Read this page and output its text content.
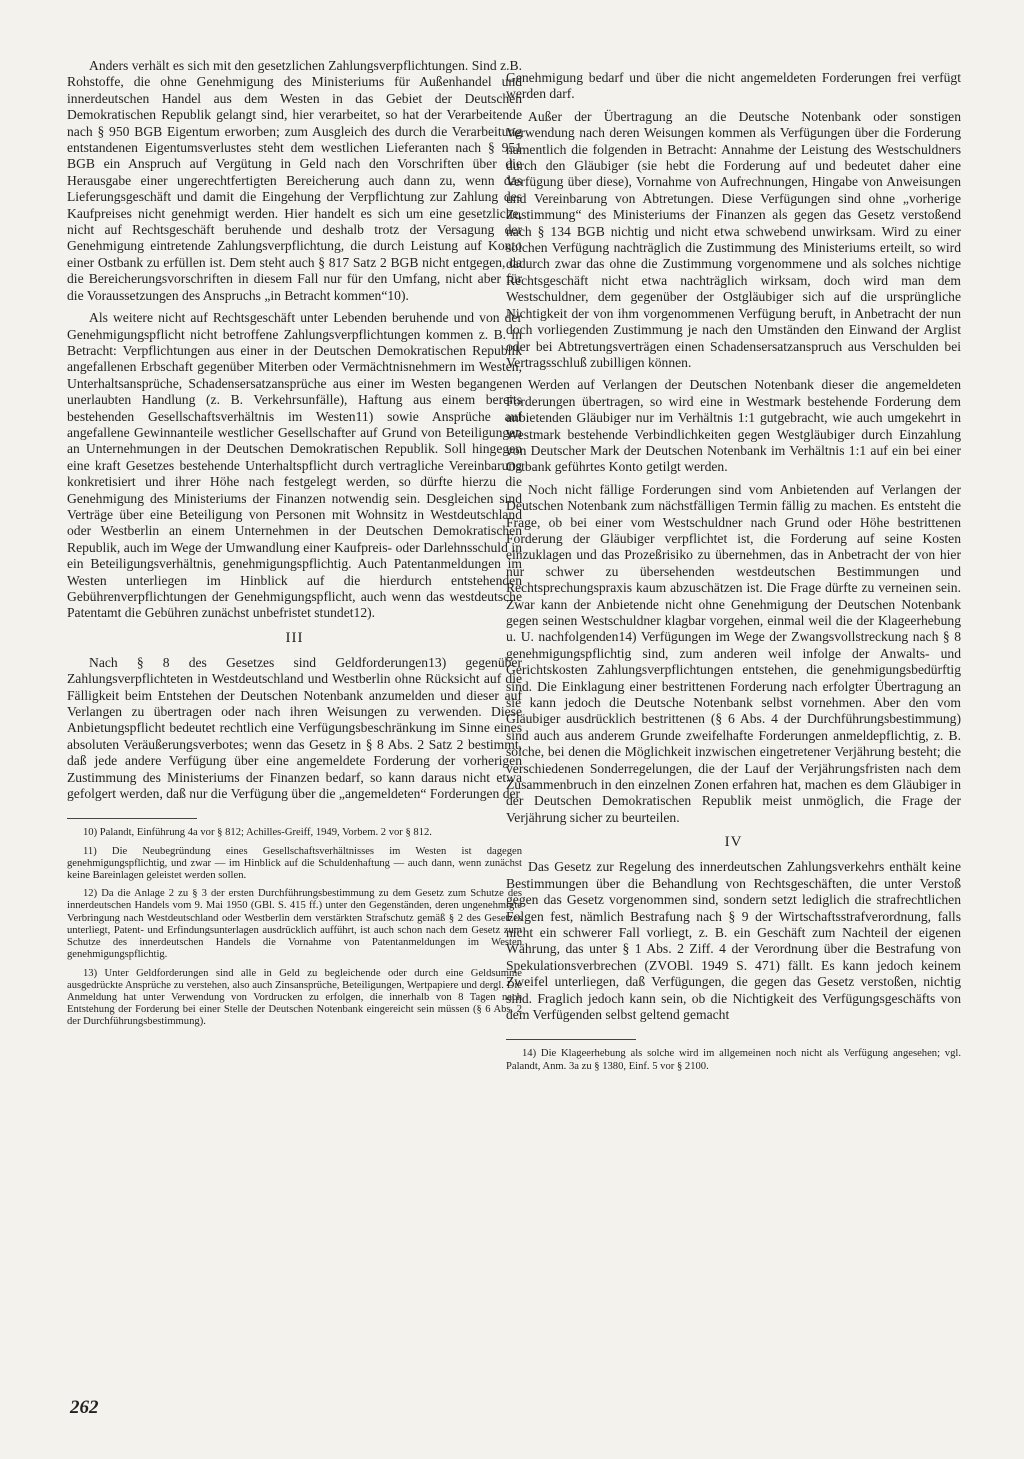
Anders verhält es sich mit den gesetzlichen Zahlungsverpflichtungen. Sind z.B. Rohstoffe, die ohne Genehmigung des Ministeriums für Außenhandel und innerdeutschen Handel aus dem Westen in das Gebiet der Deutschen Demokratischen Republik gelangt sind, hier verarbeitet, so hat der Verarbeitende nach § 950 BGB Eigentum erworben; zum Ausgleich des durch die Verarbeitung entstandenen Eigentumsverlustes steht dem westlichen Lieferanten nach § 951 BGB ein Anspruch auf Vergütung in Geld nach den Vorschriften über die Herausgabe einer ungerechtfertigten Bereicherung auch dann zu, wenn das Lieferungsgeschäft und damit die Eingehung der Verpflichtung zur Zahlung des Kaufpreises nicht genehmigt werden. Hier handelt es sich um eine gesetzliche, nicht auf Rechtsgeschäft beruhende und deshalb trotz der Versagung der Genehmigung eintretende Zahlungsverpflichtung, die durch Leistung auf Konto einer Ostbank zu erfüllen ist. Dem steht auch § 817 Satz 2 BGB nicht entgegen, da die Bereicherungsvorschriften in diesem Fall nur für den Umfang, nicht aber für die Voraussetzungen des Anspruchs „in Betracht kommen“10).

Als weitere nicht auf Rechtsgeschäft unter Lebenden beruhende und von der Genehmigungspflicht nicht betroffene Zahlungsverpflichtungen kommen z. B. in Betracht: Verpflichtungen aus einer in der Deutschen Demokratischen Republik angefallenen Erbschaft gegenüber Miterben oder Vermächtnisnehmern im Westen, Unterhaltsansprüche, Schadensersatzansprüche aus einer im Westen begangenen unerlaubten Handlung (z. B. Verkehrsunfälle), Haftung aus einem bereits bestehenden Gesellschaftsverhältnis im Westen11) sowie Ansprüche auf angefallene Gewinnanteile westlicher Gesellschafter auf Grund von Beteiligungen an Unternehmungen in der Deutschen Demokratischen Republik. Soll hingegen eine kraft Gesetzes bestehende Unterhaltspflicht durch vertragliche Vereinbarung konkretisiert und ihrer Höhe nach festgelegt werden, so dürfte hierzu die Genehmigung des Ministeriums der Finanzen notwendig sein. Desgleichen sind Verträge über eine Beteiligung von Personen mit Wohnsitz in Westdeutschland oder Westberlin an einem Unternehmen in der Deutschen Demokratischen Republik, auch im Wege der Umwandlung einer Kaufpreis- oder Darlehnsschuld in ein Beteiligungsverhältnis, genehmigungspflichtig. Auch Patentanmeldungen im Westen unterliegen im Hinblick auf die hierdurch entstehenden Gebührenverpflichtungen der Genehmigungspflicht, auch wenn das westdeutsche Patentamt die Gebühren zunächst unbefristet stundet12).

III

Nach § 8 des Gesetzes sind Geldforderungen13) gegenüber Zahlungsverpflichteten in Westdeutschland und Westberlin ohne Rücksicht auf die Fälligkeit beim Entstehen der Deutschen Notenbank anzumelden und dieser auf Verlangen zu übertragen oder nach ihren Weisungen zu verwenden. Diese Anbietungspflicht bedeutet rechtlich eine Verfügungsbeschränkung im Sinne eines absoluten Veräußerungsverbotes; wenn das Gesetz in § 8 Abs. 2 Satz 2 bestimmt, daß jede andere Verfügung über eine angemeldete Forderung der vorherigen Zustimmung des Ministeriums der Finanzen bedarf, so kann daraus nicht etwa gefolgert werden, daß nur die Verfügung über die „angemeldeten“ Forderungen der

10) Palandt, Einführung 4a vor § 812; Achilles-Greiff, 1949, Vorbem. 2 vor § 812.

11) Die Neubegründung eines Gesellschaftsverhältnisses im Westen ist dagegen genehmigungspflichtig, und zwar — im Hinblick auf die Schuldenhaftung — auch dann, wenn zunächst keine Bareinlagen geleistet werden sollen.

12) Da die Anlage 2 zu § 3 der ersten Durchführungsbestimmung zu dem Gesetz zum Schutze des innerdeutschen Handels vom 9. Mai 1950 (GBl. S. 415 ff.) unter den Gegenständen, deren ungenehmigte Verbringung nach Westdeutschland oder Westberlin dem verstärkten Strafschutz gemäß § 2 des Gesetzes unterliegt, Patent- und Erfindungsunterlagen ausdrücklich aufführt, ist auch schon nach dem Gesetz zum Schutze des innerdeutschen Handels die Vornahme von Patentanmeldungen im Westen genehmigungspflichtig.

13) Unter Geldforderungen sind alle in Geld zu begleichende oder durch eine Geldsumme ausgedrückte Ansprüche zu verstehen, also auch Zinsansprüche, Beteiligungen, Wertpapiere und dergl. Die Anmeldung hat unter Verwendung von Vordrucken zu erfolgen, die innerhalb von 8 Tagen nach Entstehung der Forderung bei einer Stelle der Deutschen Notenbank eingereicht sein müssen (§ 6 Abs. 2 der Durchführungsbestimmung).

Genehmigung bedarf und über die nicht angemeldeten Forderungen frei verfügt werden darf.

Außer der Übertragung an die Deutsche Notenbank oder sonstigen Verwendung nach deren Weisungen kommen als Verfügungen über die Forderung namentlich die folgenden in Betracht: Annahme der Leistung des Westschuldners durch den Gläubiger (sie hebt die Forderung auf und bedeutet daher eine Verfügung über diese), Vornahme von Aufrechnungen, Hingabe von Anweisungen und Vereinbarung von Abtretungen. Diese Verfügungen sind ohne „vorherige Zustimmung“ des Ministeriums der Finanzen als gegen das Gesetz verstoßend nach § 134 BGB nichtig und nicht etwa schwebend unwirksam. Wird zu einer solchen Verfügung nachträglich die Zustimmung des Ministeriums erteilt, so wird dadurch zwar das ohne die Zustimmung vorgenommene und als solches nichtige Rechtsgeschäft nicht etwa nachträglich wirksam, doch wird man dem Westschuldner, dem gegenüber der Ostgläubiger sich auf die ursprüngliche Nichtigkeit der von ihm vorgenommenen Verfügung beruft, in Anbetracht der nun doch vorliegenden Zustimmung je nach den Umständen den Einwand der Arglist oder bei Abtretungsverträgen einen Schadensersatzanspruch aus Verschulden bei Vertragsschluß zubilligen können.

Werden auf Verlangen der Deutschen Notenbank dieser die angemeldeten Forderungen übertragen, so wird eine in Westmark bestehende Forderung dem anbietenden Gläubiger nur im Verhältnis 1:1 gutgebracht, wie auch umgekehrt in Westmark bestehende Verbindlichkeiten gegen Westgläubiger durch Einzahlung von Deutscher Mark der Deutschen Notenbank im Verhältnis 1:1 auf ein bei einer Ostbank geführtes Konto getilgt werden.

Noch nicht fällige Forderungen sind vom Anbietenden auf Verlangen der Deutschen Notenbank zum nächstfälligen Termin fällig zu machen. Es entsteht die Frage, ob bei einer vom Westschuldner nach Grund oder Höhe bestrittenen Forderung der Gläubiger verpflichtet ist, die Forderung auf seine Kosten einzuklagen und das Prozeßrisiko zu übernehmen, das in Anbetracht der von hier nur schwer zu übersehenden westdeutschen Bestimmungen und Rechtsprechungspraxis kaum abzuschätzen ist. Die Frage dürfte zu verneinen sein. Zwar kann der Anbietende nicht ohne Genehmigung der Deutschen Notenbank gegen seinen Westschuldner klagbar vorgehen, einmal weil die der Klageerhebung u. U. nachfolgenden14) Verfügungen im Wege der Zwangsvollstreckung nach § 8 genehmigungspflichtig sind, zum anderen weil infolge der Anwalts- und Gerichtskosten Zahlungsverpflichtungen entstehen, die genehmigungsbedürftig sind. Die Einklagung einer bestrittenen Forderung nach erfolgter Übertragung an sie kann jedoch die Deutsche Notenbank selbst vornehmen. Aber den vom Gläubiger ausdrücklich bestrittenen (§ 6 Abs. 4 der Durchführungsbestimmung) sind auch aus anderem Grunde zweifelhafte Forderungen anmeldepflichtig, z. B. solche, bei denen die Möglichkeit inzwischen eingetretener Verjährung besteht; die verschiedenen Sonderregelungen, die der Lauf der Verjährungsfristen nach dem Zusammenbruch in den einzelnen Zonen erfahren hat, machen es dem Gläubiger in der Deutschen Demokratischen Republik meist unmöglich, die Frage der Verjährung sicher zu beurteilen.

IV

Das Gesetz zur Regelung des innerdeutschen Zahlungsverkehrs enthält keine Bestimmungen über die Behandlung von Rechtsgeschäften, die unter Verstoß gegen das Gesetz vorgenommen sind, sondern setzt lediglich die strafrechtlichen Folgen fest, nämlich Bestrafung nach § 9 der Wirtschaftsstrafverordnung, falls nicht ein schwerer Fall vorliegt, z. B. ein Geschäft zum Nachteil der eigenen Währung, das unter § 1 Abs. 2 Ziff. 4 der Verordnung über die Bestrafung von Spekulationsverbrechen (ZVOBl. 1949 S. 471) fällt. Es kann jedoch keinem Zweifel unterliegen, daß Verfügungen, die gegen das Gesetz verstoßen, nichtig sind. Fraglich jedoch kann sein, ob die Nichtigkeit des Verfügungsgeschäfts von dem Verfügenden selbst geltend gemacht

14) Die Klageerhebung als solche wird im allgemeinen noch nicht als Verfügung angesehen; vgl. Palandt, Anm. 3a zu § 1380, Einf. 5 vor § 2100.

262
